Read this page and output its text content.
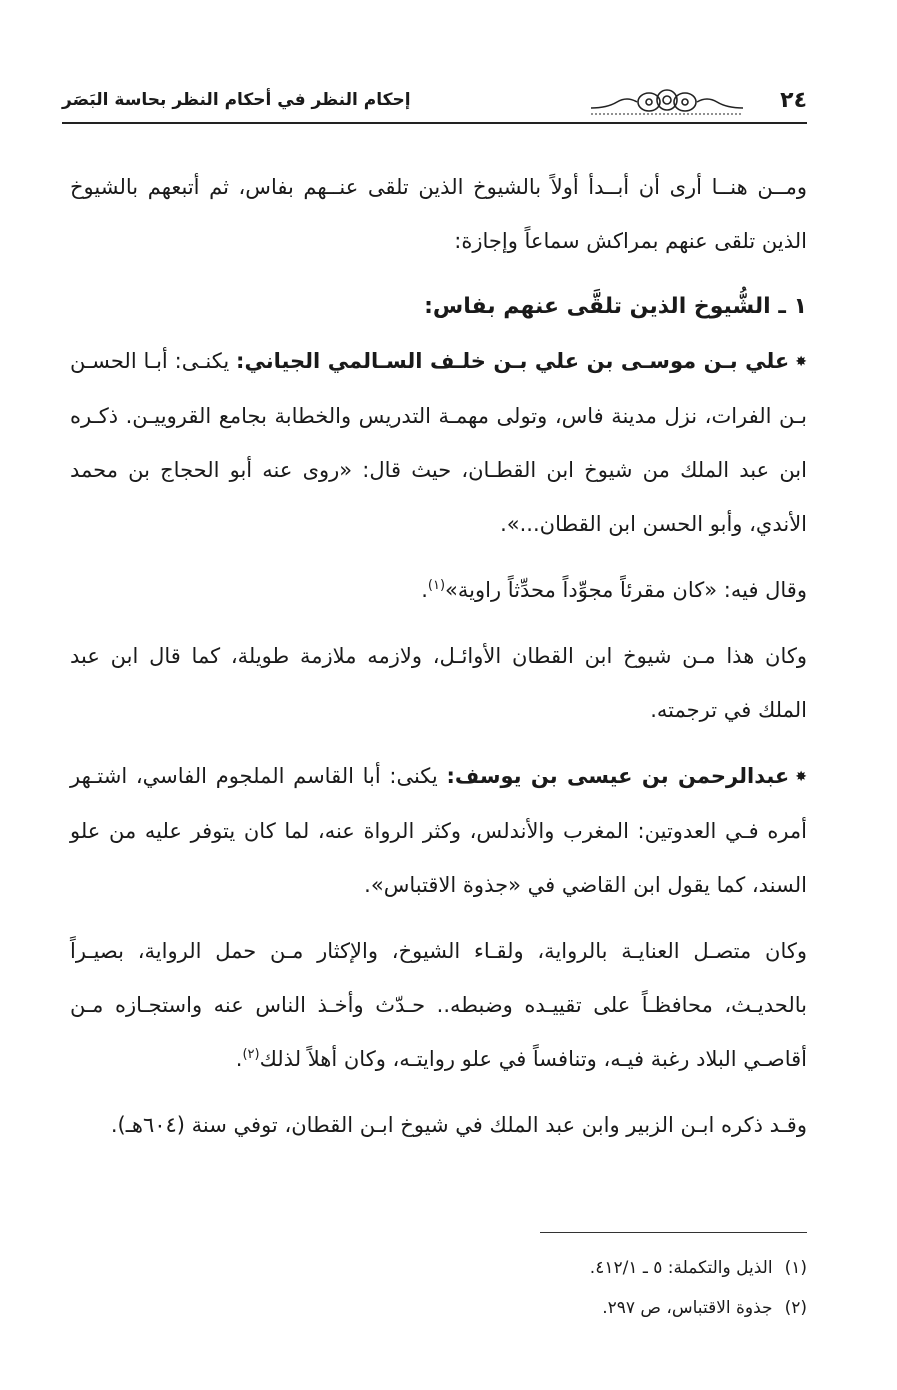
٢٤
إحكام النظر في أحكام النظر بحاسة البَصَر

ومــن هنــا أرى أن أبــدأ أولاً بالشيوخ الذين تلقى عنــهم بفاس، ثم أتبعهم بالشيوخ الذين تلقى عنهم بمراكش سماعاً وإجازة:

١ ـ الشُّيوخ الذين تلقَّى عنهم بفاس:

✸علي بـن موسـى بن علي بـن خلـف السـالمي الجياني: يكنـى: أبـا الحسـن بـن الفرات، نزل مدينة فاس، وتولى مهمـة التدريس والخطابة بجامع القروييـن. ذكـره ابن عبد الملك من شيوخ ابن القطـان، حيث قال: «روى عنه أبو الحجاج بن محمد الأندي، وأبو الحسن ابن القطان...».

وقال فيه: «كان مقرئاً مجوِّداً محدِّثاً راوية»$^{(١)}$.

وكان هذا مـن شيوخ ابن القطان الأوائـل، ولازمه ملازمة طويلة، كما قال ابن عبد الملك في ترجمته.

✸عبدالرحمن بن عيسى بن يوسف: يكنى: أبا القاسم الملجوم الفاسي، اشتـهر أمره فـي العدوتين: المغرب والأندلس، وكثر الرواة عنه، لما كان يتوفر عليه من علو السند، كما يقول ابن القاضي في «جذوة الاقتباس».

وكان متصـل العنايـة بالرواية، ولقـاء الشيوخ، والإكثار مـن حمل الرواية، بصيـراً بالحديـث، محافظـاً على تقييـده وضبطه.. حـدّث وأخـذ الناس عنه واستجـازه مـن أقاصـي البلاد رغبة فيـه، وتنافساً في علو روايتـه، وكان أهلاً لذلك$^{(٢)}$.

وقـد ذكره ابـن الزبير وابن عبد الملك في شيوخ ابـن القطان، توفي سنة (٦٠٤هـ).

(١)الذيل والتكملة: ٥ ـ ٤١٢/١.

(٢)جذوة الاقتباس، ص ٢٩٧.
